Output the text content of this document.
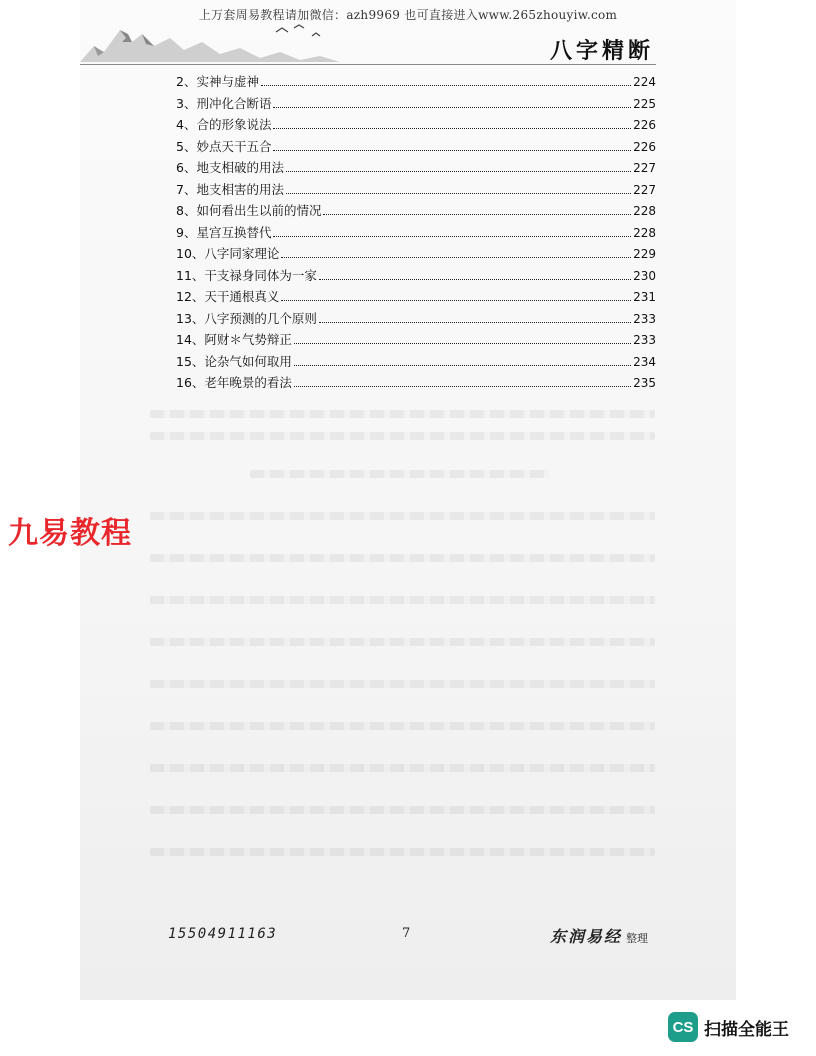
上万套周易教程请加微信：azh9969 也可直接进入www.265zhouyiw.com
八字精断
2、 实神与虚神	224
3、 刑冲化合断语	225
4、 合的形象说法	226
5、 妙点天干五合	226
6、 地支相破的用法	227
7、 地支相害的用法	227
8、 如何看出生以前的情况	228
9、 星宫互换替代	228
10、 八字同家理论	229
11、 干支禄身同体为一家	230
12、 天干通根真义	231
13、 八字预测的几个原则	233
14、 阿财＊气势辩正	233
15、 论杂气如何取用	234
16、 老年晚景的看法	235
九易教程
15504911163	7	东润易经 整理
CS 扫描全能王
